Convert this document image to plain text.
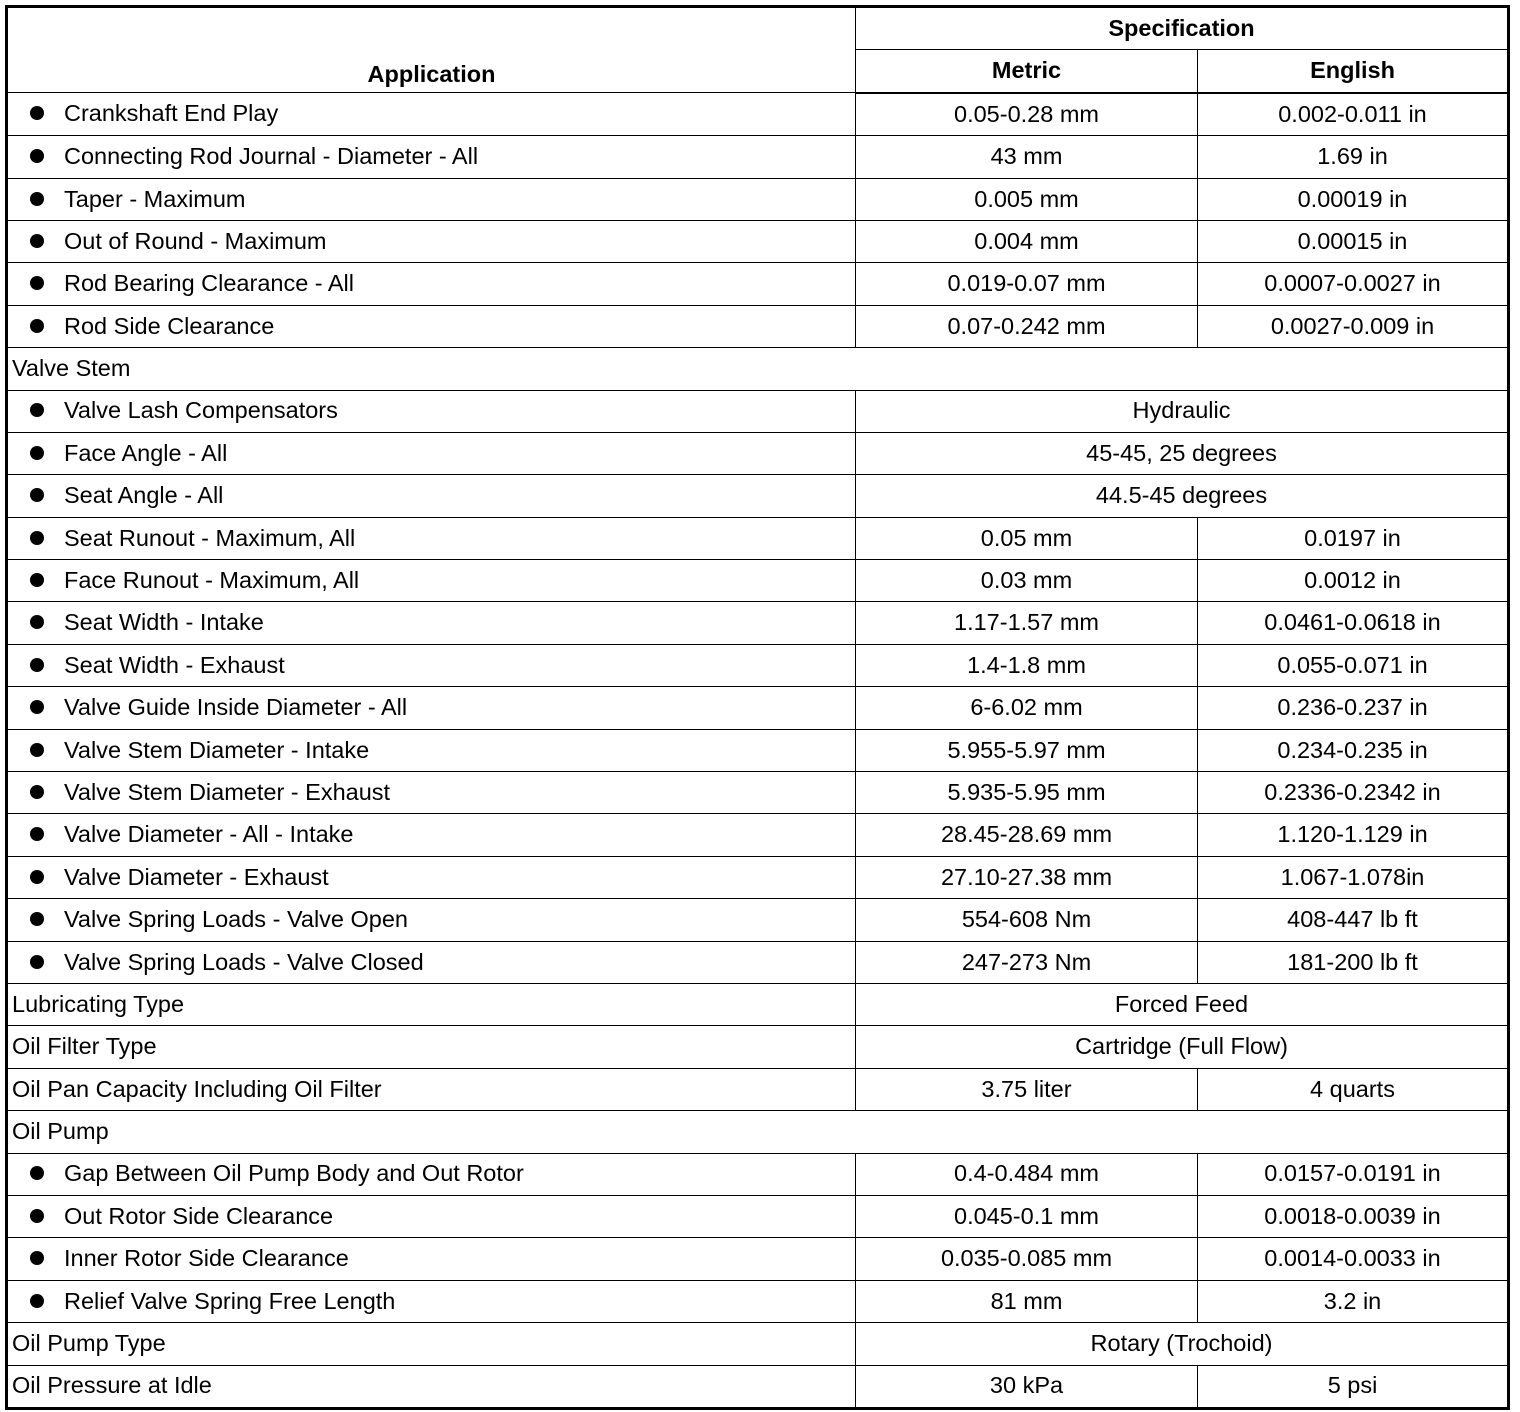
Application	Specification	
	Metric	English
Crankshaft End Play	0.05-0.28 mm	0.002-0.011 in
Connecting Rod Journal - Diameter - All	43 mm	1.69 in
Taper - Maximum	0.005 mm	0.00019 in
Out of Round - Maximum	0.004 mm	0.00015 in
Rod Bearing Clearance - All	0.019-0.07 mm	0.0007-0.0027 in
Rod Side Clearance	0.07-0.242 mm	0.0027-0.009 in
Valve Stem		
Valve Lash Compensators	Hydraulic	
Face Angle - All	45-45, 25 degrees	
Seat Angle - All	44.5-45 degrees	
Seat Runout - Maximum, All	0.05 mm	0.0197 in
Face Runout - Maximum, All	0.03 mm	0.0012 in
Seat Width - Intake	1.17-1.57 mm	0.0461-0.0618 in
Seat Width - Exhaust	1.4-1.8 mm	0.055-0.071 in
Valve Guide Inside Diameter - All	6-6.02 mm	0.236-0.237 in
Valve Stem Diameter - Intake	5.955-5.97 mm	0.234-0.235 in
Valve Stem Diameter - Exhaust	5.935-5.95 mm	0.2336-0.2342 in
Valve Diameter - All - Intake	28.45-28.69 mm	1.120-1.129 in
Valve Diameter - Exhaust	27.10-27.38 mm	1.067-1.078in
Valve Spring Loads - Valve Open	554-608 Nm	408-447 lb ft
Valve Spring Loads - Valve Closed	247-273 Nm	181-200 lb ft
Lubricating Type	Forced Feed	
Oil Filter Type	Cartridge (Full Flow)	
Oil Pan Capacity Including Oil Filter	3.75 liter	4 quarts
Oil Pump		
Gap Between Oil Pump Body and Out Rotor	0.4-0.484 mm	0.0157-0.0191 in
Out Rotor Side Clearance	0.045-0.1 mm	0.0018-0.0039 in
Inner Rotor Side Clearance	0.035-0.085 mm	0.0014-0.0033 in
Relief Valve Spring Free Length	81 mm	3.2 in
Oil Pump Type	Rotary (Trochoid)	
Oil Pressure at Idle	30 kPa	5 psi
